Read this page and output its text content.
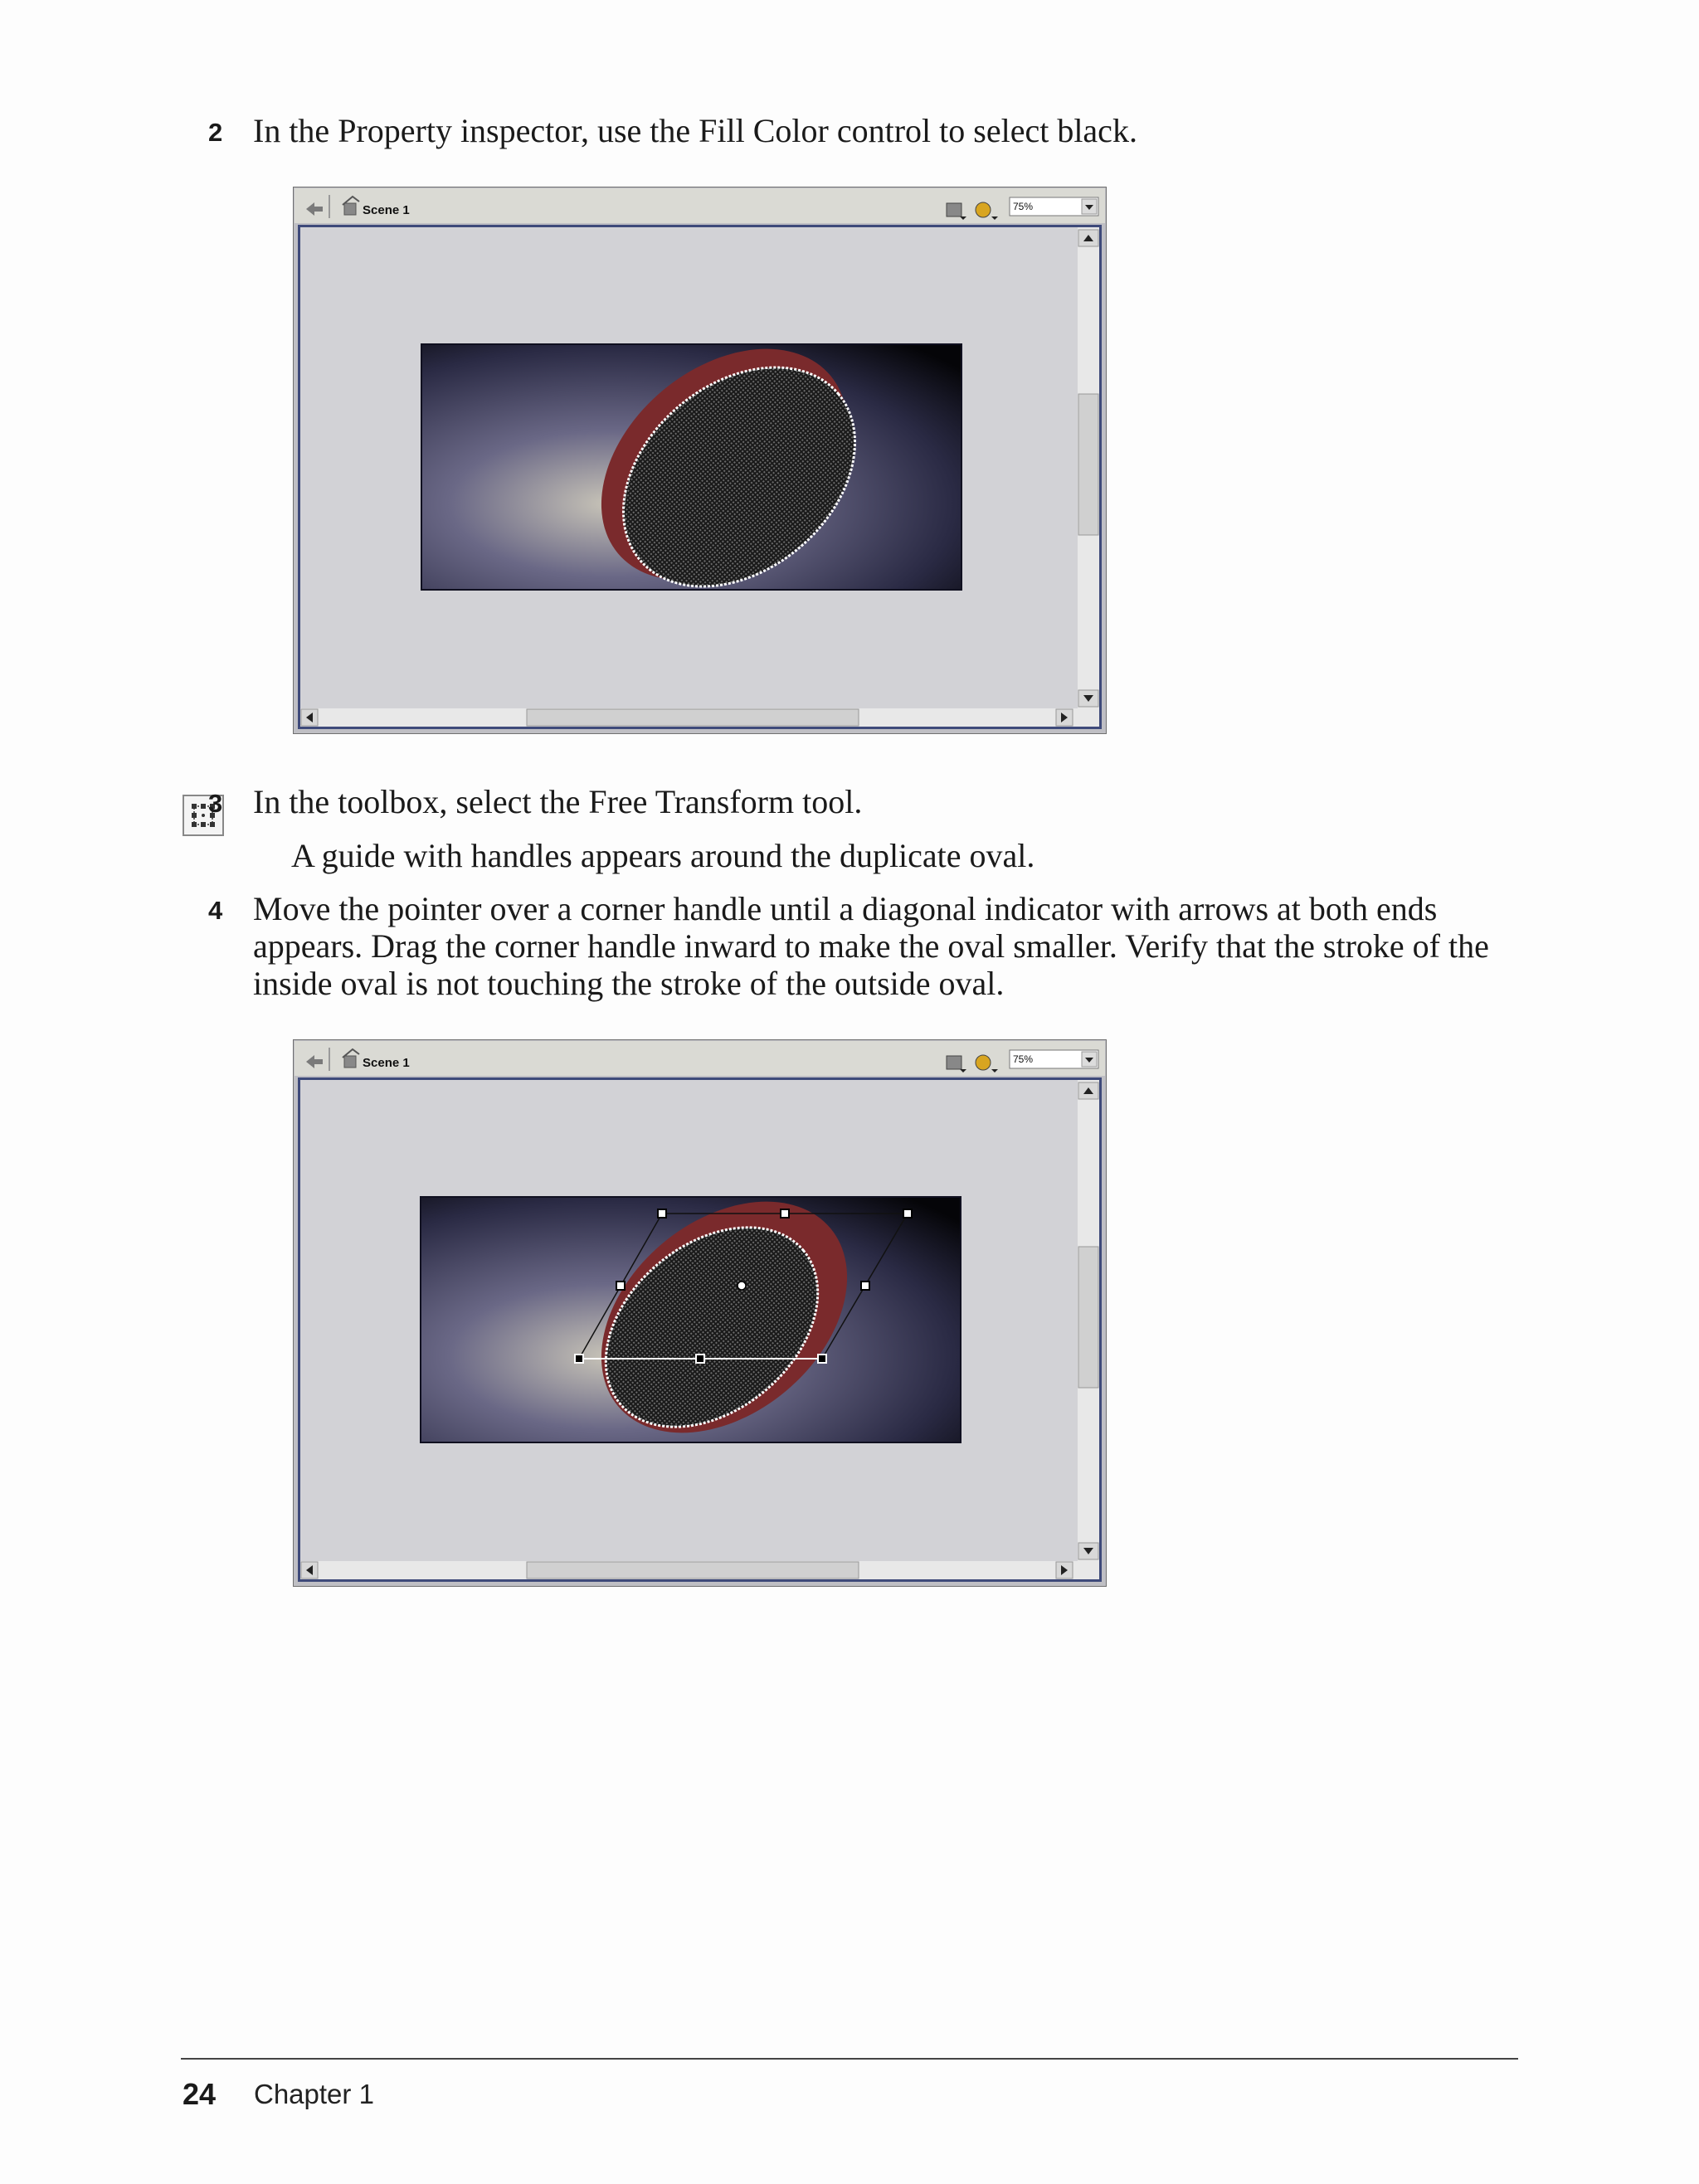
2 In the Property inspector, use the Fill Color control to select black.
Scene 1	75%
3 In the toolbox, select the Free Transform tool.
A guide with handles appears around the duplicate oval.
4 Move the pointer over a corner handle until a diagonal indicator with arrows at both ends appears. Drag the corner handle inward to make the oval smaller. Verify that the stroke of the inside oval is not touching the stroke of the outside oval.
Scene 1	75%
24 Chapter 1
